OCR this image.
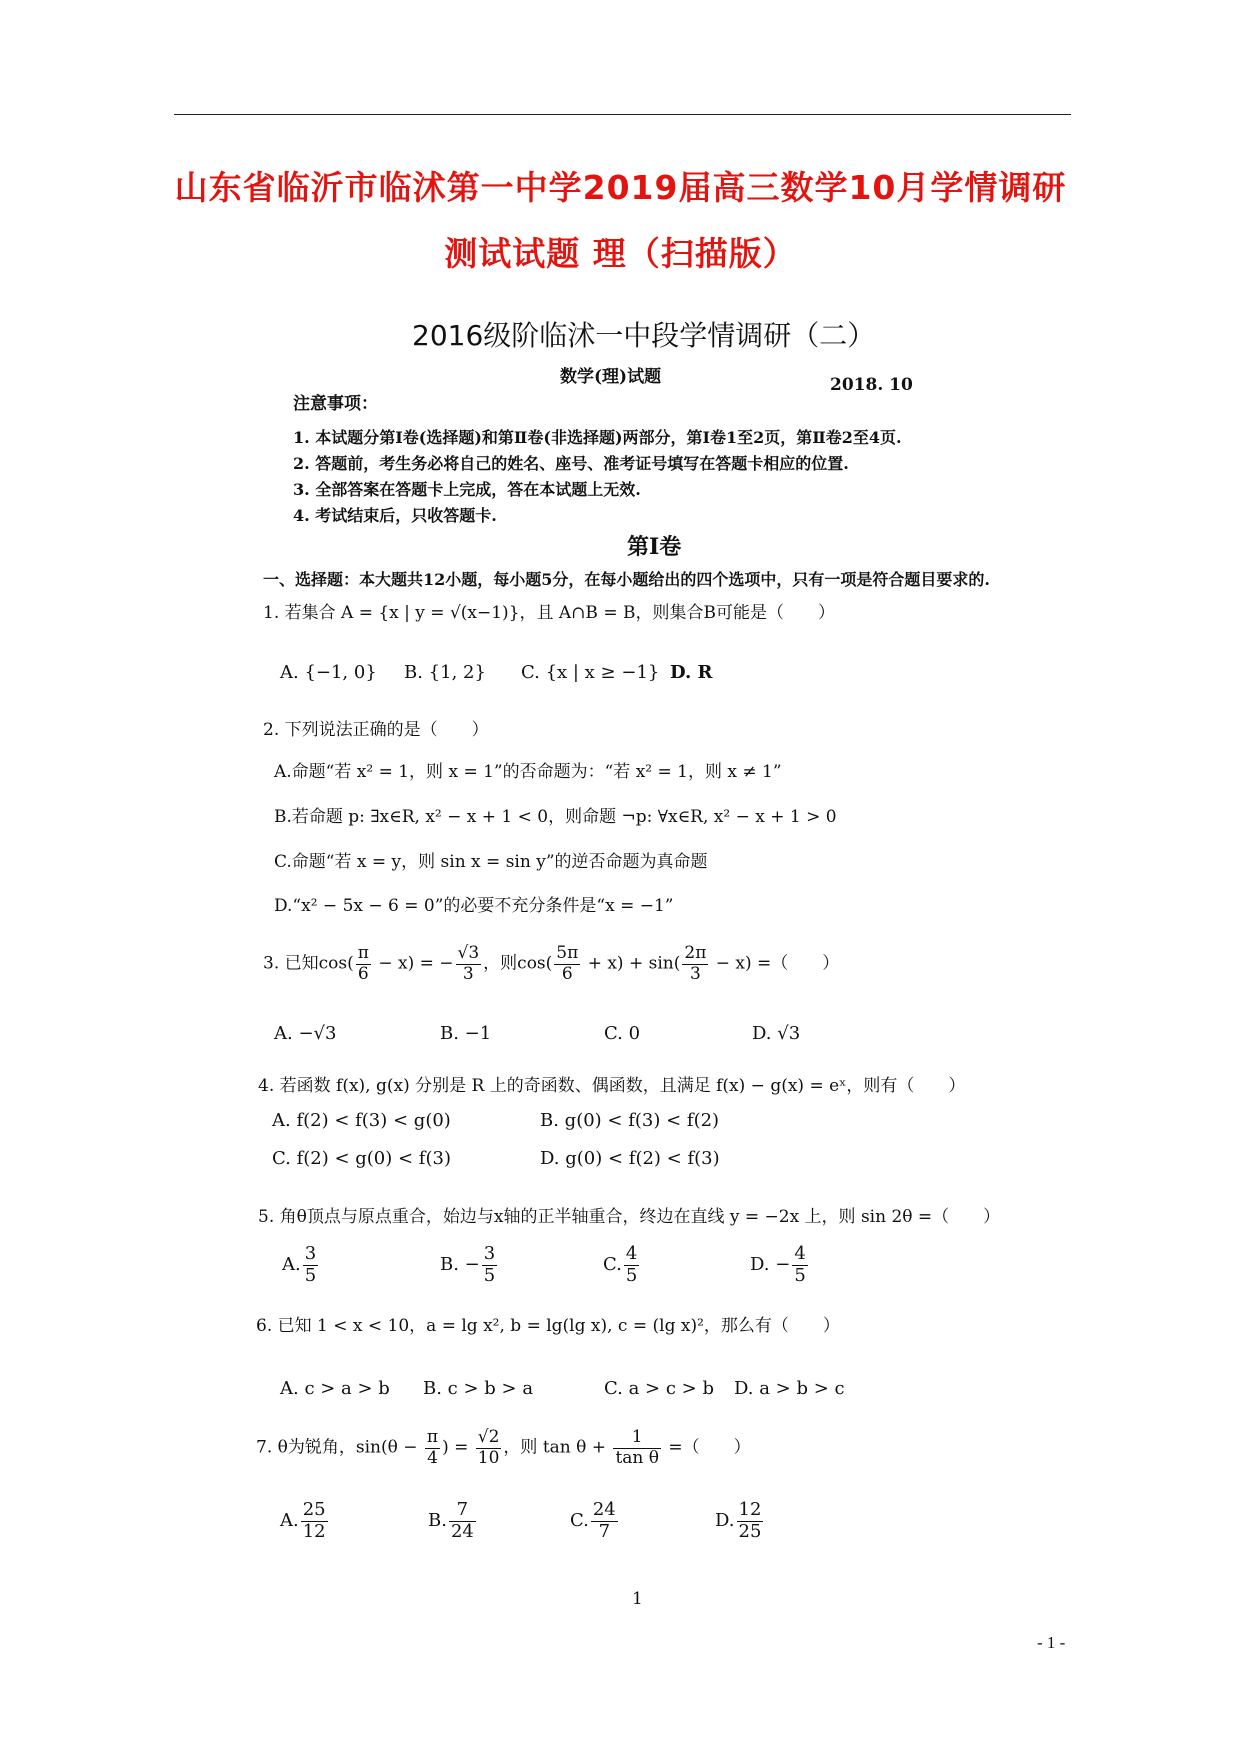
山东省临沂市临沭第一中学2019届高三数学10月学情调研
测试试题 理（扫描版）
2016级阶临沭一中段学情调研（二）
数学(理)试题	2018. 10
注意事项：
1. 本试题分第Ⅰ卷(选择题)和第Ⅱ卷(非选择题)两部分，第Ⅰ卷1至2页，第Ⅱ卷2至4页.
2. 答题前，考生务必将自己的姓名、座号、准考证号填写在答题卡相应的位置.
3. 全部答案在答题卡上完成，答在本试题上无效.
4. 考试结束后，只收答题卡.
第Ⅰ卷
一、选择题：本大题共12小题，每小题5分，在每小题给出的四个选项中，只有一项是符合题目要求的.
1. 若集合 A = {x | y = √(x−1)}，且 A∩B = B，则集合B可能是（　　）
A. {−1, 0} B. {1, 2} C. {x | x ≥ −1} D. R
2. 下列说法正确的是（　　）
A.命题“若 x² = 1，则 x = 1”的否命题为：“若 x² = 1，则 x ≠ 1”
B.若命题 p: ∃x∈R, x² − x + 1 < 0，则命题 ¬p: ∀x∈R, x² − x + 1 > 0
C.命题“若 x = y，则 sin x = sin y”的逆否命题为真命题
D.“x² − 5x − 6 = 0”的必要不充分条件是“x = −1”
3. 已知$\cos( \frac{\pi}{6} - x)$ = − $\frac{√3}{3}$ ，则$\cos( \frac{5\pi}{6} + x) + \sin( \frac{2\pi}{3} - x)$ =（　　）
A. −√3	B. −1	C. 0	D. √3
4. 若函数 f(x), g(x) 分别是 R 上的奇函数、偶函数，且满足 f(x) − g(x) = eˣ，则有（　　）
A. f(2) < f(3) < g(0)	B. g(0) < f(3) < f(2)
C. f(2) < g(0) < f(3)	D. g(0) < f(2) < f(3)
5. 角θ顶点与原点重合，始边与x轴的正半轴重合，终边在直线 y = −2x 上，则 sin 2θ =（　　）
A. $\frac{3}{5}$	B. − $\frac{3}{5}$	C. $\frac{4}{5}$	D. − $\frac{4}{5}$
6. 已知 1 < x < 10，a = lg x², b = lg(lg x), c = (lg x)²，那么有（　　）
A. c > a > b B. c > b > a	C. a > c > b D. a > b > c
7. θ为锐角，$\sin(\theta - \frac{\pi}{4}$ ) = $\frac{√2}{10}$ ，则 $\tan \theta + \frac{1}{\text{tan θ}}$ =（　　）
A. $\frac{25}{12}$	B. $\frac{7}{24}$	C. $\frac{24}{7}$	D. $\frac{12}{25}$
1
- 1 -
